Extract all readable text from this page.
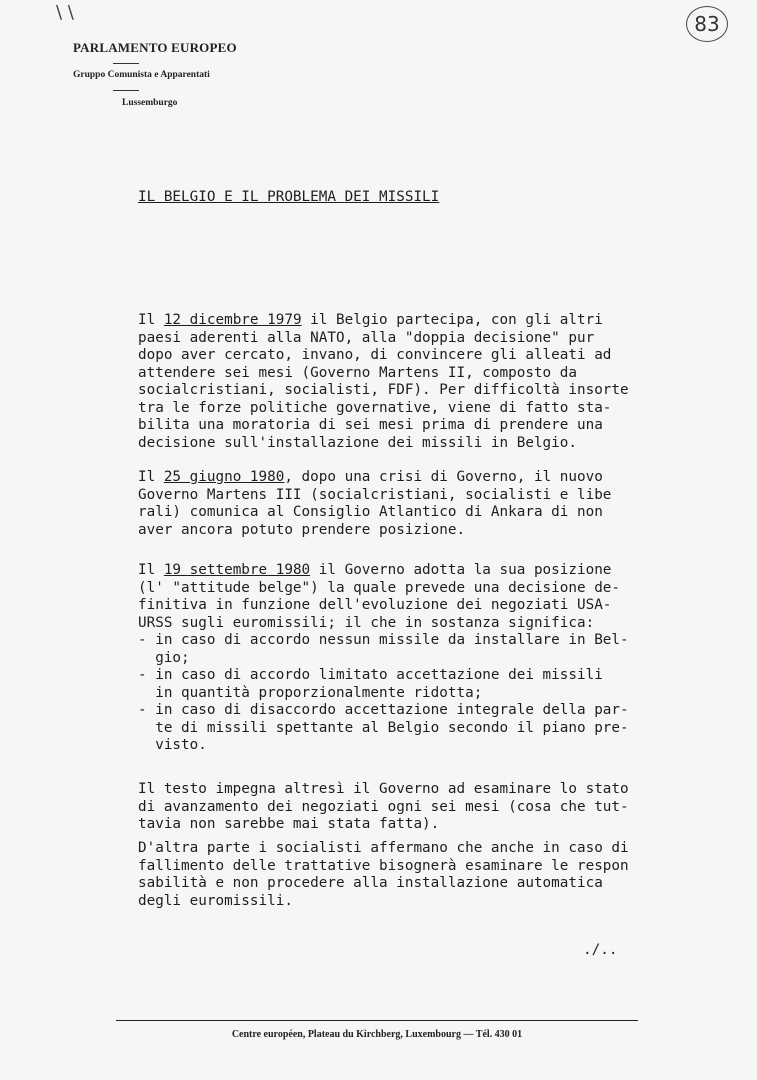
\ \	83
PARLAMENTO EUROPEO
Gruppo Comunista e Apparentati
Lussemburgo
IL BELGIO E IL PROBLEMA DEI MISSILI
Il 12 dicembre 1979 il Belgio partecipa, con gli altri
paesi aderenti alla NATO, alla "doppia decisione" pur
dopo aver cercato, invano, di convincere gli alleati ad
attendere sei mesi (Governo Martens II, composto da
socialcristiani, socialisti, FDF). Per difficoltà insorte
tra le forze politiche governative, viene di fatto sta-
bilita una moratoria di sei mesi prima di prendere una
decisione sull'installazione dei missili in Belgio.
Il 25 giugno 1980, dopo una crisi di Governo, il nuovo
Governo Martens III (socialcristiani, socialisti e libe
rali) comunica al Consiglio Atlantico di Ankara di non
aver ancora potuto prendere posizione.
Il 19 settembre 1980 il Governo adotta la sua posizione
(l' "attitude belge") la quale prevede una decisione de-
finitiva in funzione dell'evoluzione dei negoziati USA-
URSS sugli euromissili; il che in sostanza significa:
- in caso di accordo nessun missile da installare in Bel-
gio;
- in caso di accordo limitato accettazione dei missili
in quantità proporzionalmente ridotta;
- in caso di disaccordo accettazione integrale della par-
te di missili spettante al Belgio secondo il piano pre-
visto.
Il testo impegna altresì il Governo ad esaminare lo stato
di avanzamento dei negoziati ogni sei mesi (cosa che tut-
tavia non sarebbe mai stata fatta).
D'altra parte i socialisti affermano che anche in caso di
fallimento delle trattative bisognerà esaminare le respon
sabilità e non procedere alla installazione automatica
degli euromissili.
./..
Centre européen, Plateau du Kirchberg, Luxembourg — Tél. 430 01
